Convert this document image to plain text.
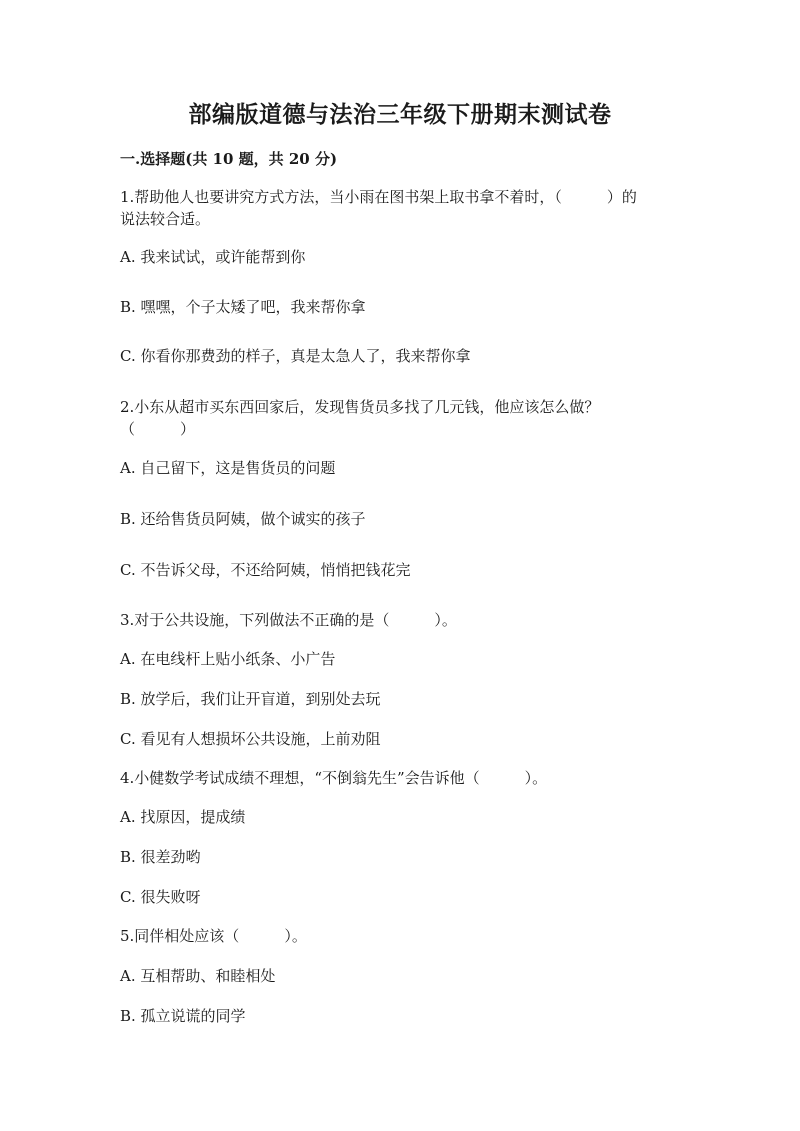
部编版道德与法治三年级下册期末测试卷

一.选择题(共 10 题，共 20 分)

1.帮助他人也要讲究方式方法，当小雨在图书架上取书拿不着时，（　　　）的
说法较合适。

A. 我来试试，或许能帮到你

B. 嘿嘿，个子太矮了吧，我来帮你拿

C. 你看你那费劲的样子，真是太急人了，我来帮你拿

2.小东从超市买东西回家后，发现售货员多找了几元钱，他应该怎么做？
（　　　）

A. 自己留下，这是售货员的问题

B. 还给售货员阿姨，做个诚实的孩子

C. 不告诉父母，不还给阿姨，悄悄把钱花完

3.对于公共设施，下列做法不正确的是（　　　）。

A. 在电线杆上贴小纸条、小广告

B. 放学后，我们让开盲道，到别处去玩

C. 看见有人想损坏公共设施，上前劝阻

4.小健数学考试成绩不理想，“不倒翁先生”会告诉他（　　　）。

A. 找原因，提成绩

B. 很差劲哟

C. 很失败呀

5.同伴相处应该（　　　）。

A. 互相帮助、和睦相处

B. 孤立说谎的同学
